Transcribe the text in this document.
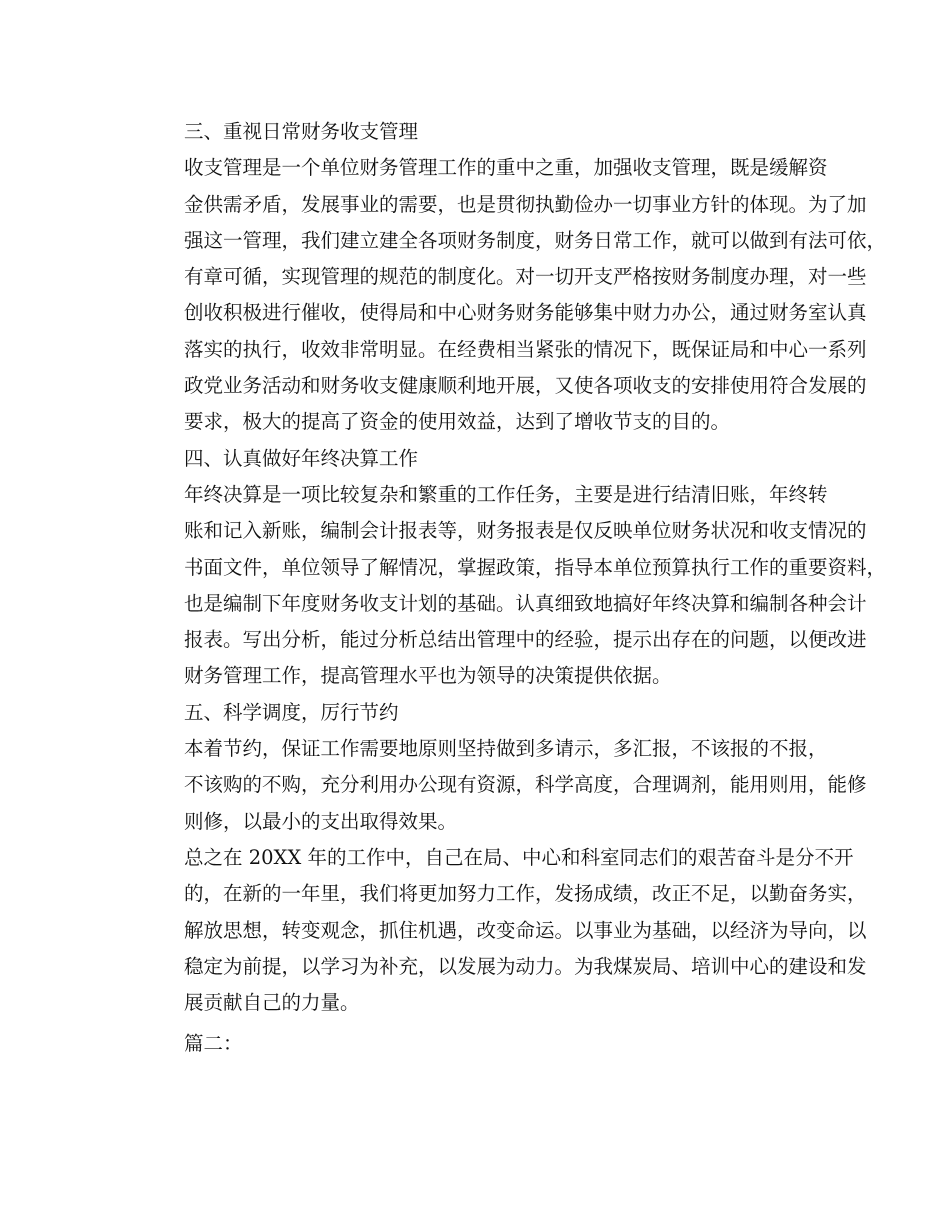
三、重视日常财务收支管理

收支管理是一个单位财务管理工作的重中之重，加强收支管理，既是缓解资
金供需矛盾，发展事业的需要，也是贯彻执勤俭办一切事业方针的体现。为了加
强这一管理，我们建立建全各项财务制度，财务日常工作，就可以做到有法可依，
有章可循，实现管理的规范的制度化。对一切开支严格按财务制度办理，对一些
创收积极进行催收，使得局和中心财务财务能够集中财力办公，通过财务室认真
落实的执行，收效非常明显。在经费相当紧张的情况下，既保证局和中心一系列
政党业务活动和财务收支健康顺利地开展，又使各项收支的安排使用符合发展的
要求，极大的提高了资金的使用效益，达到了增收节支的目的。

四、认真做好年终决算工作

年终决算是一项比较复杂和繁重的工作任务，主要是进行结清旧账，年终转
账和记入新账，编制会计报表等，财务报表是仅反映单位财务状况和收支情况的
书面文件，单位领导了解情况，掌握政策，指导本单位预算执行工作的重要资料，
也是编制下年度财务收支计划的基础。认真细致地搞好年终决算和编制各种会计
报表。写出分析，能过分析总结出管理中的经验，提示出存在的问题，以便改进
财务管理工作，提高管理水平也为领导的决策提供依据。

五、科学调度，厉行节约

本着节约，保证工作需要地原则坚持做到多请示，多汇报，不该报的不报，
不该购的不购，充分利用办公现有资源，科学高度，合理调剂，能用则用，能修
则修，以最小的支出取得效果。
总之在 20XX 年的工作中，自己在局、中心和科室同志们的艰苦奋斗是分不开
的，在新的一年里，我们将更加努力工作，发扬成绩，改正不足，以勤奋务实，
解放思想，转变观念，抓住机遇，改变命运。以事业为基础，以经济为导向，以
稳定为前提，以学习为补充，以发展为动力。为我煤炭局、培训中心的建设和发
展贡献自己的力量。

篇二：
